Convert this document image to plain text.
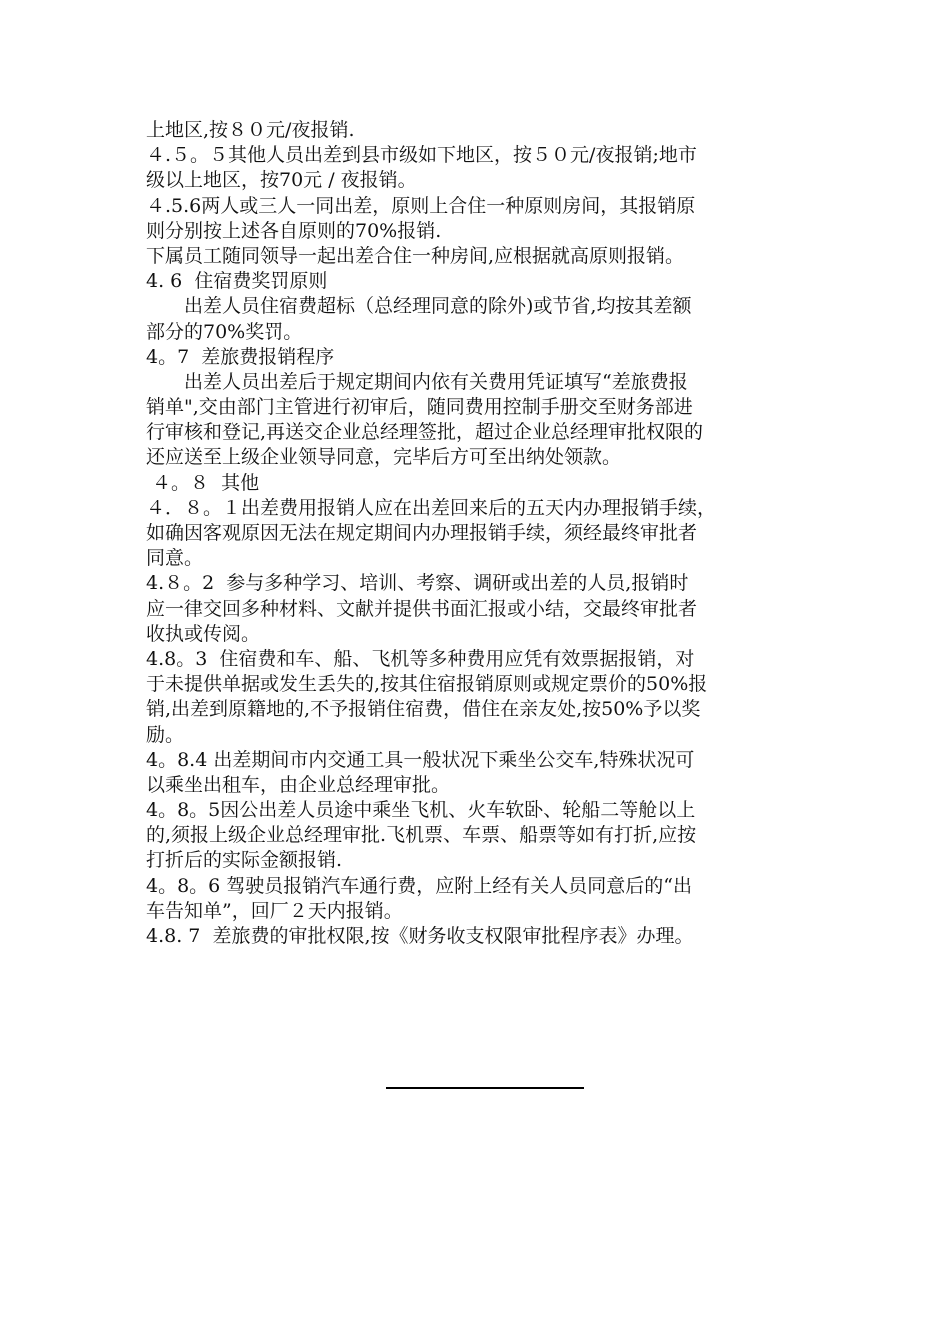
上地区,按８０元/夜报销.
４.５。５其他人员出差到县市级如下地区，按５０元/夜报销;地市
级以上地区，按70元 / 夜报销。
４.5.6两人或三人一同出差，原则上合住一种原则房间，其报销原
则分别按上述各自原则的70%报销.
下属员工随同领导一起出差合住一种房间,应根据就高原则报销。
4. 6  住宿费奖罚原则
　　出差人员住宿费超标（总经理同意的除外)或节省,均按其差额
部分的70%奖罚。
4。7  差旅费报销程序
　　出差人员出差后于规定期间内依有关费用凭证填写“差旅费报
销单",交由部门主管进行初审后，随同费用控制手册交至财务部进
行审核和登记,再送交企业总经理签批，超过企业总经理审批权限的
还应送至上级企业领导同意，完毕后方可至出纳处领款。
４。８  其他
４．８。１出差费用报销人应在出差回来后的五天内办理报销手续，
如确因客观原因无法在规定期间内办理报销手续，须经最终审批者
同意。
4.８。2  参与多种学习、培训、考察、调研或出差的人员,报销时
应一律交回多种材料、文献并提供书面汇报或小结，交最终审批者
收执或传阅。
4.8。3  住宿费和车、船、飞机等多种费用应凭有效票据报销，对
于未提供单据或发生丢失的,按其住宿报销原则或规定票价的50%报
销,出差到原籍地的,不予报销住宿费，借住在亲友处,按50%予以奖
励。
4。8.4 出差期间市内交通工具一般状况下乘坐公交车,特殊状况可
以乘坐出租车，由企业总经理审批。
4。8。5因公出差人员途中乘坐飞机、火车软卧、轮船二等舱以上
的,须报上级企业总经理审批.飞机票、车票、船票等如有打折,应按
打折后的实际金额报销.
4。8。6 驾驶员报销汽车通行费，应附上经有关人员同意后的“出
车告知单”，回厂２天内报销。
4.8. 7  差旅费的审批权限,按《财务收支权限审批程序表》办理。
